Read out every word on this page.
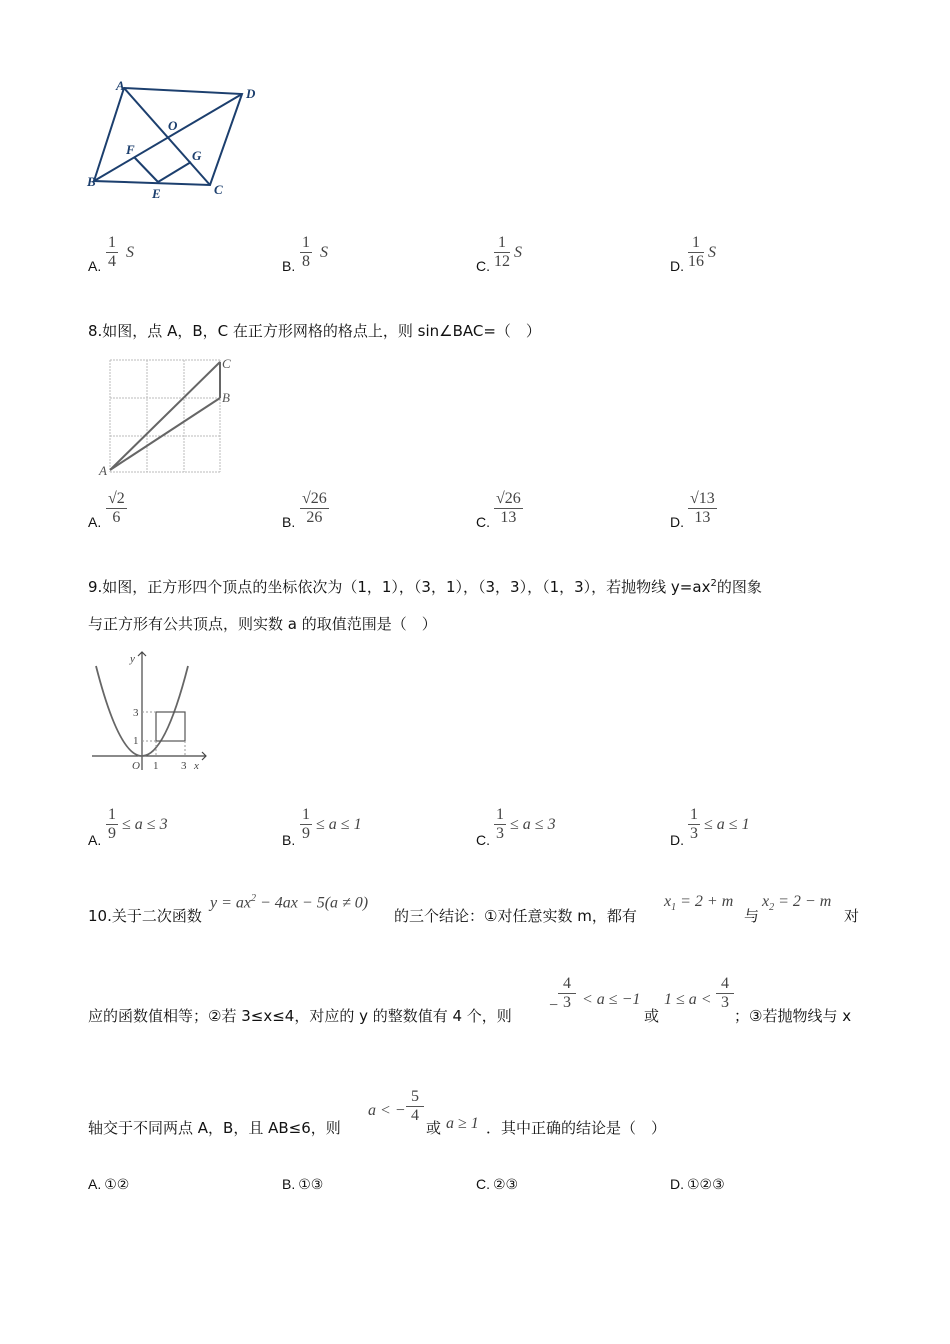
A
D
O
F	G
B
E	C
A. $\frac{1}{4}$ S
B. $\frac{1}{8}$ S
C. $\frac{1}{12}$ S
D. $\frac{1}{16}$ S
8.如图，点 A，B，C 在正方形网格的格点上，则 sin∠BAC=（　）
A
B
C
A. $\frac{√2}{6}$	B. $\frac{√26}{26}$	C. $\frac{√26}{13}$	D. $\frac{√13}{13}$
9.如图，正方形四个顶点的坐标依次为（1，1），（3，1），（3，3），（1，3），若抛物线 $y=ax^2$的图象
与正方形有公共顶点，则实数 a 的取值范围是（　）
y
x
O 1 3
1
3
A. $\frac{1}{9} \le a \le 3$
B. $\frac{1}{9} \le a \le 1$
C. $\frac{1}{3} \le a \le 3$
D. $\frac{1}{3} \le a \le 1$
10.关于二次函数
$y = ax^2 - 4ax - 5(a \ne 0)$
的三个结论：①对任意实数 m，都有
$x_1 = 2 + m$
与
$x_2 = 2 - m$
对
应的函数值相等；②若 3≤x≤4，对应的 y 的整数值有 4 个，则
− $\frac{4}{3} < a \le -1$
或
$1 \le a < \frac{4}{3}$
；③若抛物线与 x
轴交于不同两点 A，B，且 AB≤6，则
a < − $\frac{5}{4}$
或 a ≥ 1 ．其中正确的结论是（　）
A. ①②	B. ①③	C. ②③	D. ①②③
